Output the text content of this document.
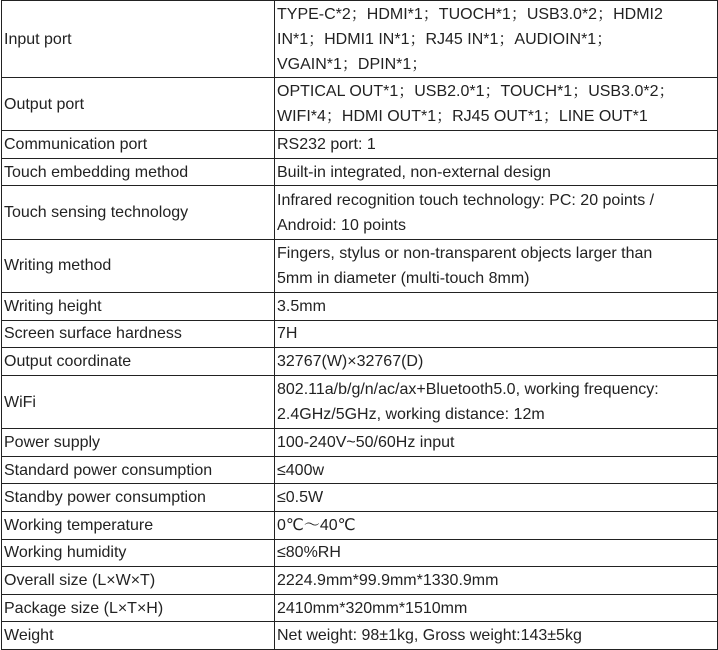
Input port	TYPE-C*2；HDMI*1；TUOCH*1；USB3.0*2；HDMI2
IN*1；HDMI1 IN*1；RJ45 IN*1；AUDIOIN*1；
VGAIN*1；DPIN*1；

Output port	OPTICAL OUT*1；USB2.0*1；TOUCH*1；USB3.0*2；
WIFI*4；HDMI OUT*1；RJ45 OUT*1；LINE OUT*1

Communication port	RS232 port: 1

Touch embedding method	Built-in integrated, non-external design

Touch sensing technology	Infrared recognition touch technology: PC: 20 points /
Android: 10 points

Writing method	Fingers, stylus or non-transparent objects larger than
5mm in diameter (multi-touch 8mm)

Writing height	3.5mm

Screen surface hardness	7H

Output coordinate	32767(W)×32767(D)

WiFi	802.11a/b/g/n/ac/ax+Bluetooth5.0, working frequency:
2.4GHz/5GHz, working distance: 12m

Power supply	100-240V~50/60Hz input

Standard power consumption	≤400w

Standby power consumption	≤0.5W

Working temperature	0℃～40℃

Working humidity	≤80%RH

Overall size (L×W×T)	2224.9mm*99.9mm*1330.9mm

Package size (L×T×H)	2410mm*320mm*1510mm

Weight	Net weight: 98±1kg, Gross weight:143±5kg
